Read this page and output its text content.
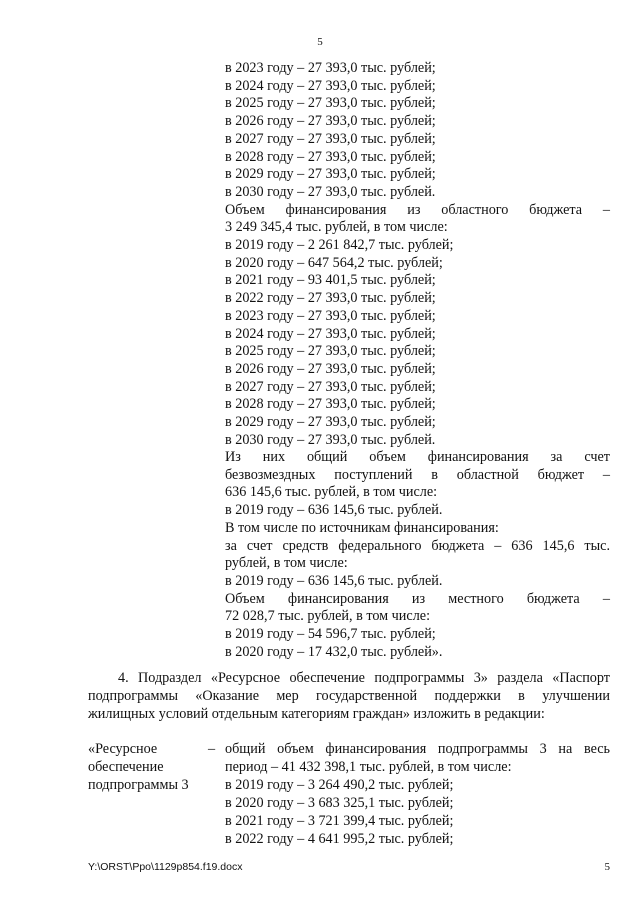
5
в 2023 году – 27 393,0 тыс. рублей;
в 2024 году – 27 393,0 тыс. рублей;
в 2025 году – 27 393,0 тыс. рублей;
в 2026 году – 27 393,0 тыс. рублей;
в 2027 году – 27 393,0 тыс. рублей;
в 2028 году – 27 393,0 тыс. рублей;
в 2029 году – 27 393,0 тыс. рублей;
в 2030 году – 27 393,0 тыс. рублей.
Объем финансирования из областного бюджета –
3 249 345,4 тыс. рублей, в том числе:
в 2019 году – 2 261 842,7 тыс. рублей;
в 2020 году – 647 564,2 тыс. рублей;
в 2021 году – 93 401,5 тыс. рублей;
в 2022 году – 27 393,0 тыс. рублей;
в 2023 году – 27 393,0 тыс. рублей;
в 2024 году – 27 393,0 тыс. рублей;
в 2025 году – 27 393,0 тыс. рублей;
в 2026 году – 27 393,0 тыс. рублей;
в 2027 году – 27 393,0 тыс. рублей;
в 2028 году – 27 393,0 тыс. рублей;
в 2029 году – 27 393,0 тыс. рублей;
в 2030 году – 27 393,0 тыс. рублей.
Из них общий объем финансирования за счет
безвозмездных поступлений в областной бюджет –
636 145,6 тыс. рублей, в том числе:
в 2019 году – 636 145,6 тыс. рублей.
В том числе по источникам финансирования:
за счет средств федерального бюджета – 636 145,6 тыс.
рублей, в том числе:
в 2019 году – 636 145,6 тыс. рублей.
Объем финансирования из местного бюджета –
72 028,7 тыс. рублей, в том числе:
в 2019 году – 54 596,7 тыс. рублей;
в 2020 году – 17 432,0 тыс. рублей».

4. Подраздел «Ресурсное обеспечение подпрограммы 3» раздела «Паспорт

подпрограммы «Оказание мер государственной поддержки в улучшении

жилищных условий отдельным категориям граждан» изложить в редакции:

«Ресурсное
обеспечение
подпрограммы 3
– общий объем финансирования подпрограммы 3 на весь
период – 41 432 398,1 тыс. рублей, в том числе:
в 2019 году – 3 264 490,2 тыс. рублей;
в 2020 году – 3 683 325,1 тыс. рублей;
в 2021 году – 3 721 399,4 тыс. рублей;
в 2022 году – 4 641 995,2 тыс. рублей;
Y:\ORST\Ppo\1129p854.f19.docx	5
